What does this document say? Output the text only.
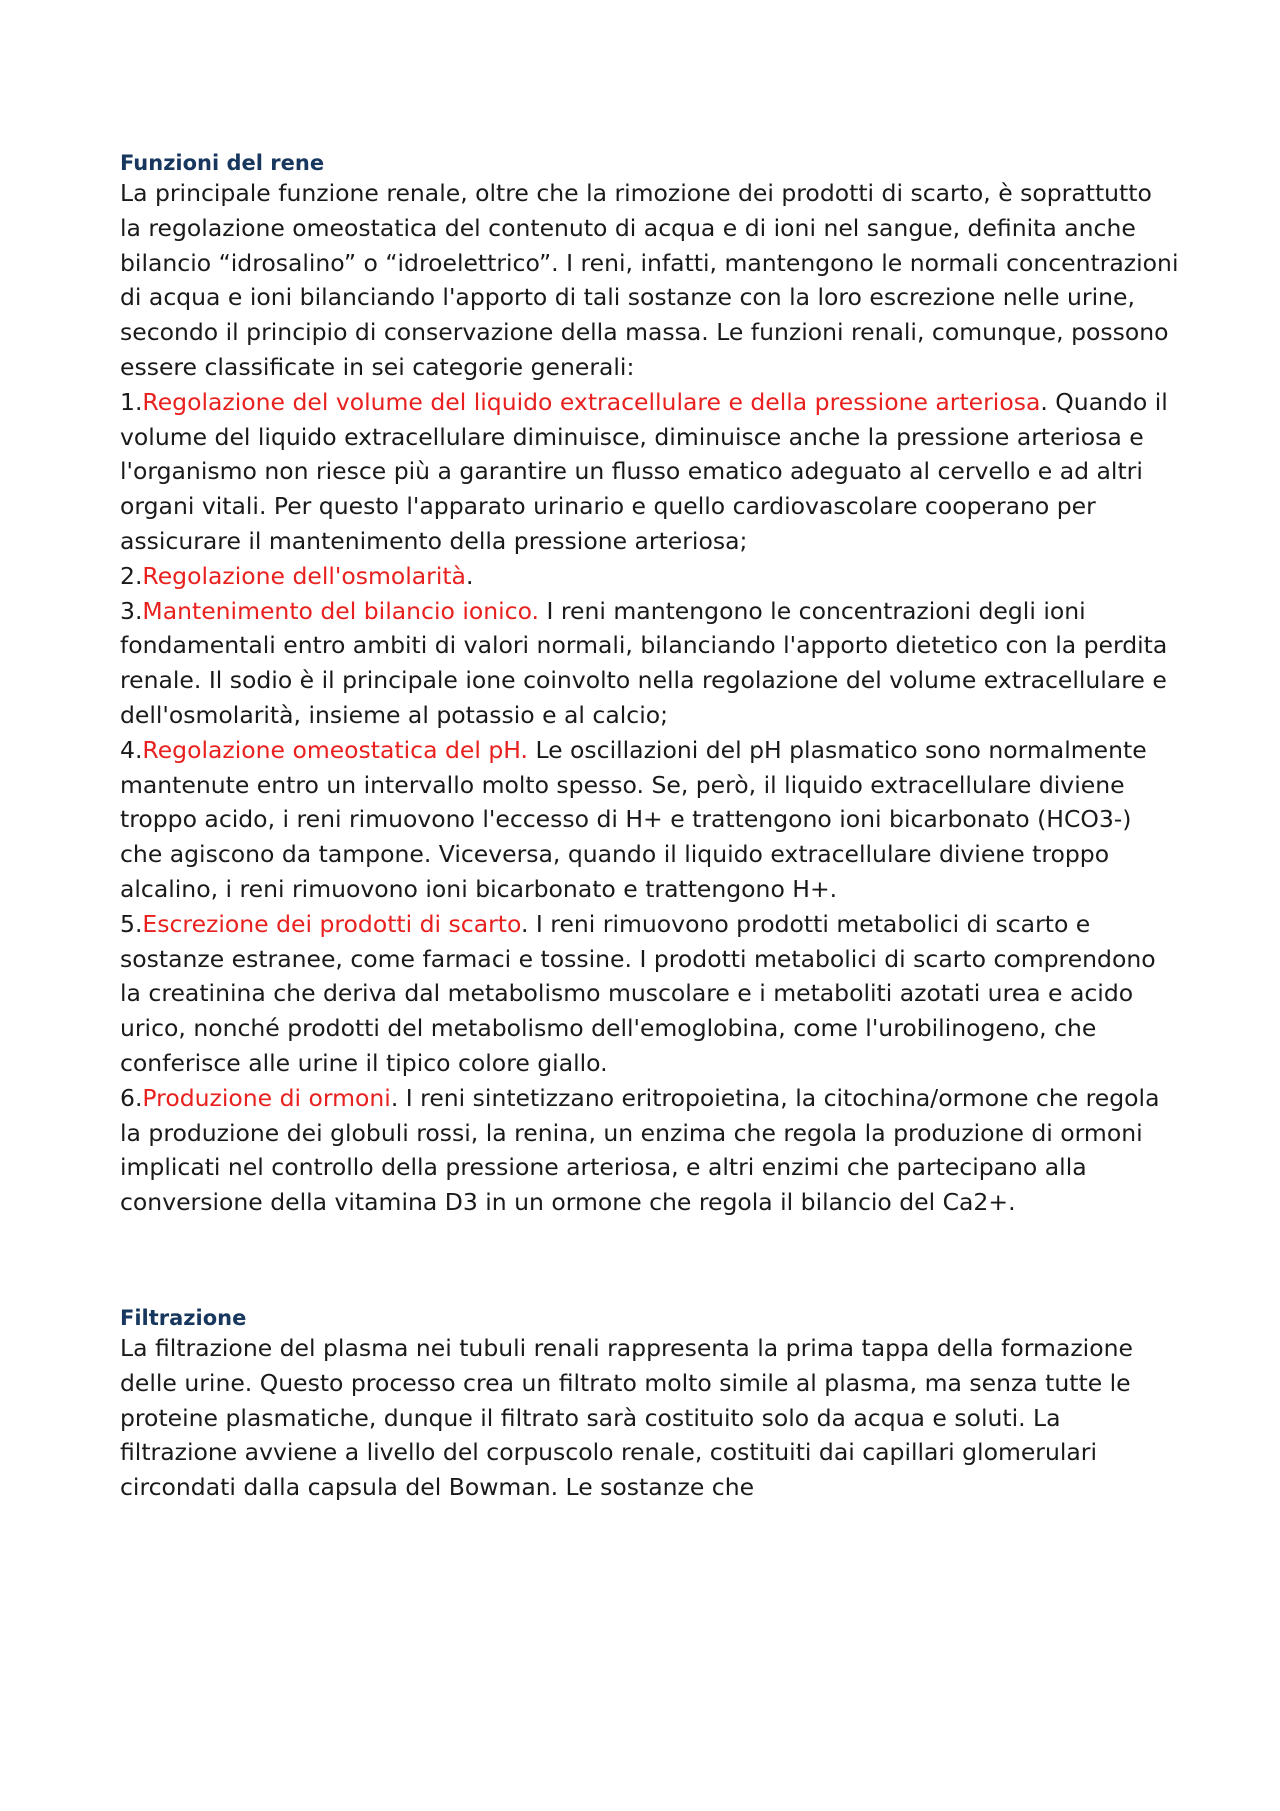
Funzioni del rene

La principale funzione renale, oltre che la rimozione dei prodotti di scarto, è soprattutto la regolazione omeostatica del contenuto di acqua e di ioni nel sangue, definita anche bilancio “idrosalino” o “idroelettrico”. I reni, infatti, mantengono le normali concentrazioni di acqua e ioni bilanciando l'apporto di tali sostanze con la loro escrezione nelle urine, secondo il principio di conservazione della massa. Le funzioni renali, comunque, possono essere classificate in sei categorie generali:

1.Regolazione del volume del liquido extracellulare e della pressione arteriosa. Quando il volume del liquido extracellulare diminuisce, diminuisce anche la pressione arteriosa e l'organismo non riesce più a garantire un flusso ematico adeguato al cervello e ad altri organi vitali. Per questo l'apparato urinario e quello cardiovascolare cooperano per assicurare il mantenimento della pressione arteriosa;

2.Regolazione dell'osmolarità.

3.Mantenimento del bilancio ionico. I reni mantengono le concentrazioni degli ioni fondamentali entro ambiti di valori normali, bilanciando l'apporto dietetico con la perdita renale. Il sodio è il principale ione coinvolto nella regolazione del volume extracellulare e dell'osmolarità, insieme al potassio e al calcio;

4.Regolazione omeostatica del pH. Le oscillazioni del pH plasmatico sono normalmente mantenute entro un intervallo molto spesso. Se, però, il liquido extracellulare diviene troppo acido, i reni rimuovono l'eccesso di H+ e trattengono ioni bicarbonato (HCO3-) che agiscono da tampone. Viceversa, quando il liquido extracellulare diviene troppo alcalino, i reni rimuovono ioni bicarbonato e trattengono H+.

5.Escrezione dei prodotti di scarto. I reni rimuovono prodotti metabolici di scarto e sostanze estranee, come farmaci e tossine. I prodotti metabolici di scarto comprendono la creatinina che deriva dal metabolismo muscolare e i metaboliti azotati urea e acido urico, nonché prodotti del metabolismo dell'emoglobina, come l'urobilinogeno, che conferisce alle urine il tipico colore giallo.

6.Produzione di ormoni. I reni sintetizzano eritropoietina, la citochina/ormone che regola la produzione dei globuli rossi, la renina, un enzima che regola la produzione di ormoni implicati nel controllo della pressione arteriosa, e altri enzimi che partecipano alla conversione della vitamina D3 in un ormone che regola il bilancio del Ca2+.

Filtrazione

La filtrazione del plasma nei tubuli renali rappresenta la prima tappa della formazione delle urine. Questo processo crea un filtrato molto simile al plasma, ma senza tutte le proteine plasmatiche, dunque il filtrato sarà costituito solo da acqua e soluti. La filtrazione avviene a livello del corpuscolo renale, costituiti dai capillari glomerulari circondati dalla capsula del Bowman. Le sostanze che
